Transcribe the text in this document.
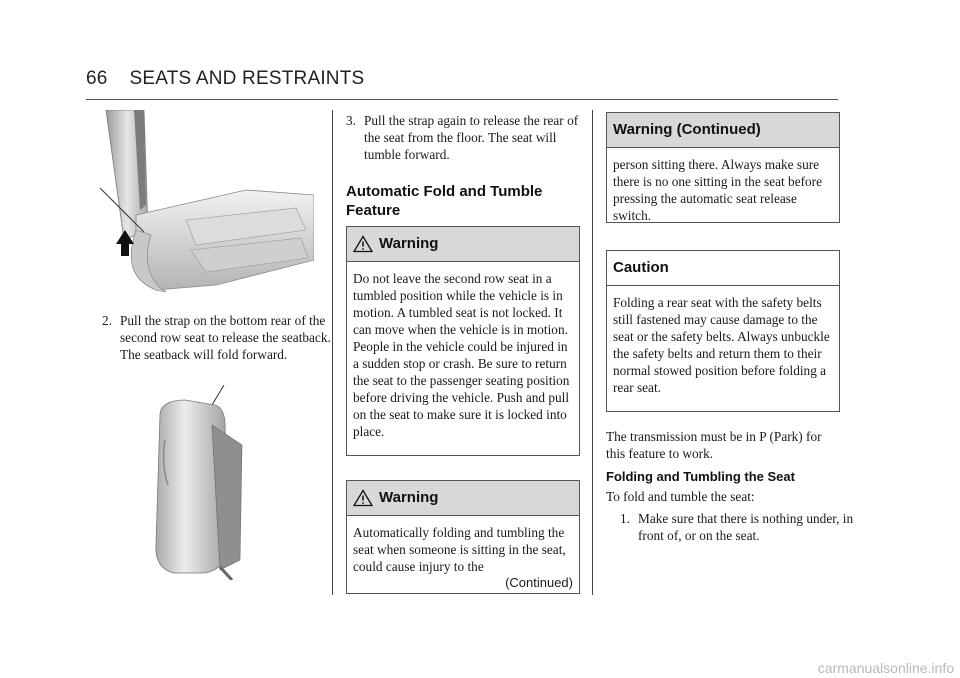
66 SEATS AND RESTRAINTS
2. Pull the strap on the bottom rear of the second row seat to release the seatback. The seatback will fold forward.
3. Pull the strap again to release the rear of the seat from the floor. The seat will tumble forward.
Automatic Fold and Tumble Feature
Warning
Do not leave the second row seat in a tumbled position while the vehicle is in motion. A tumbled seat is not locked. It can move when the vehicle is in motion. People in the vehicle could be injured in a sudden stop or crash. Be sure to return the seat to the passenger seating position before driving the vehicle. Push and pull on the seat to make sure it is locked into place.
Warning
Automatically folding and tumbling the seat when someone is sitting in the seat, could cause injury to the
(Continued)
Warning (Continued)
person sitting there. Always make sure there is no one sitting in the seat before pressing the automatic seat release switch.
Caution
Folding a rear seat with the safety belts still fastened may cause damage to the seat or the safety belts. Always unbuckle the safety belts and return them to their normal stowed position before folding a rear seat.
The transmission must be in P (Park) for this feature to work.
Folding and Tumbling the Seat
To fold and tumble the seat:
1. Make sure that there is nothing under, in front of, or on the seat.
carmanualsonline.info
